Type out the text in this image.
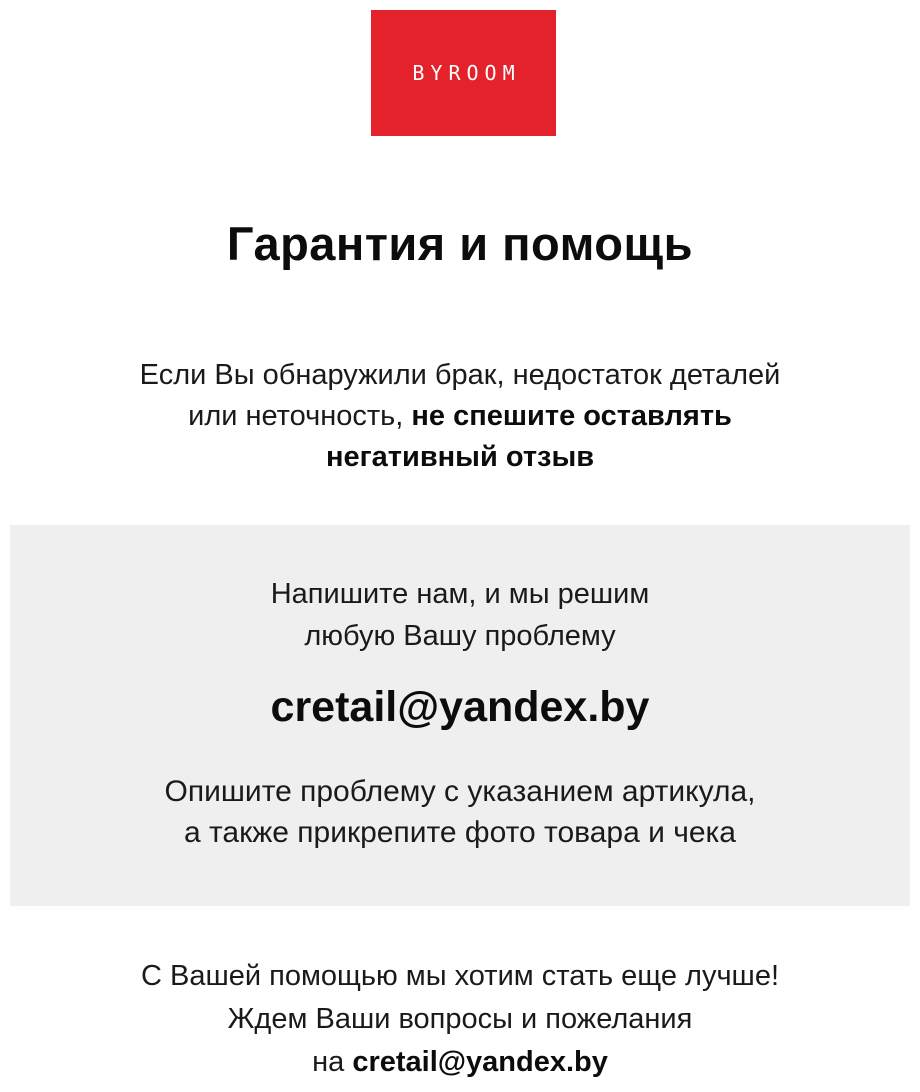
BYROOM
Гарантия и помощь
Если Вы обнаружили брак, недостаток деталей
или неточность, не спешите оставлять
негативный отзыв
Напишите нам, и мы решим
любую Вашу проблему
cretail@yandex.by
Опишите проблему с указанием артикула,
а также прикрепите фото товара и чека
С Вашей помощью мы хотим стать еще лучше!
Ждем Ваши вопросы и пожелания
на cretail@yandex.by
